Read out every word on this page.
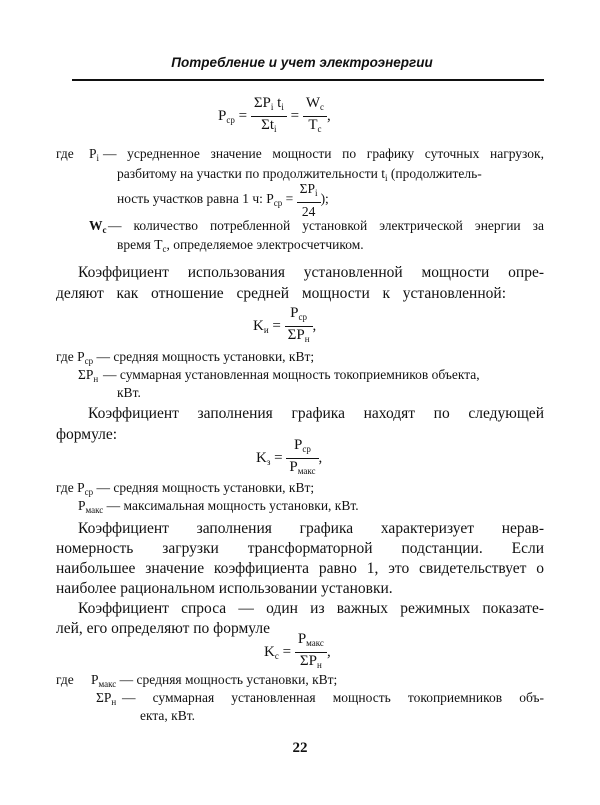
Потребление и учет электроэнергии
$P_{ср} = \frac{\Sigma P_i t_i}{\Sigma t_i} = \frac{W_c}{T_c}$ ,
где $P_i$ — усредненное значение мощности по графику суточных нагрузок,
разбитому на участки по продолжительности $t_i$ (продолжитель-
ность участков равна 1 ч: $P_{ср} = \frac{\Sigma P_i}{24}$ );
$W_c$ — количество потребленной установкой электрической энергии за
время $T_c$, определяемое электросчетчиком.
Коэффициент использования установленной мощности опре-
деляют как отношение средней мощности к установленной:
$K_и = \frac{P_{ср}}{\Sigma P_н}$ ,
где $P_{ср}$ — средняя мощность установки, кВт;
$\Sigma P_н$ — суммарная установленная мощность токоприемников объекта,
кВт.
Коэффициент заполнения графика находят по следующей
формуле:
$K_з = \frac{P_{ср}}{P_{макс}}$ ,
где $P_{ср}$ — средняя мощность установки, кВт;
$P_{макс}$ — максимальная мощность установки, кВт.
Коэффициент заполнения графика характеризует нерав-
номерность загрузки трансформаторной подстанции. Если
наибольшее значение коэффициента равно 1, это свидетельствует о
наиболее рациональном использовании установки.
Коэффициент спроса — один из важных режимных показате-
лей, его определяют по формуле
$K_с = \frac{P_{макс}}{\Sigma P_н}$ ,
где $P_{макс}$ — средняя мощность установки, кВт;
$\Sigma P_н$ — суммарная установленная мощность токоприемников объ-
екта, кВт.
22
